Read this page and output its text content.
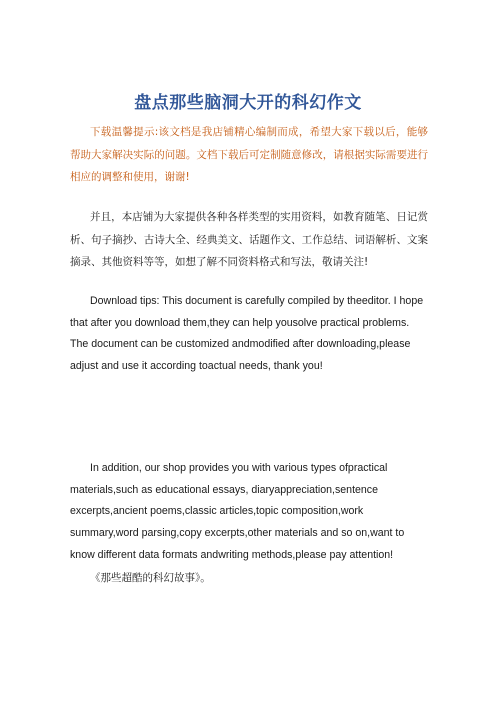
盘点那些脑洞大开的科幻作文

下载温馨提示:该文档是我店铺精心编制而成，希望大家下载以后，能够帮助大家解决实际的问题。文档下载后可定制随意修改，请根据实际需要进行相应的调整和使用，谢谢!

并且，本店铺为大家提供各种各样类型的实用资料，如教育随笔、日记赏析、句子摘抄、古诗大全、经典美文、话题作文、工作总结、词语解析、文案摘录、其他资料等等，如想了解不同资料格式和写法，敬请关注!

Download tips: This document is carefully compiled by theeditor. I hope that after you download them,they can help yousolve practical problems. The document can be customized andmodified after downloading,please adjust and use it according toactual needs, thank you!

In addition, our shop provides you with various types ofpractical materials,such as educational essays, diaryappreciation,sentence excerpts,ancient poems,classic articles,topic composition,work summary,word parsing,copy excerpts,other materials and so on,want to know different data formats andwriting methods,please pay attention!

《那些超酷的科幻故事》。
